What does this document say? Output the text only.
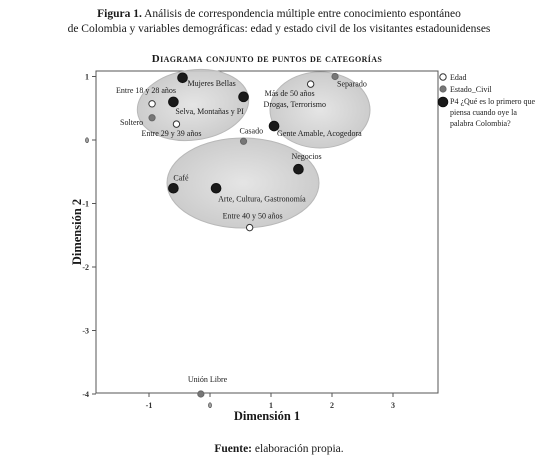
Figura 1. Análisis de correspondencia múltiple entre conocimiento espontáneo
de Colombia y variables demográficas: edad y estado civil de los visitantes estadounidenses
Diagrama conjunto de puntos de categorías
-1	0	1	2	3
1
0
-1
-2
-3
-4
Entre 18 y 28 años
Entre 29 y 39 años
Más de 50 años
Entre 40 y 50 años
Soltero
Separado
Casado
Unión Libre
Mujeres Bellas
Selva, Montañas y PI
Drogas, Terrorismo
Gente Amable, Acogedora
Negocios
Café
Arte, Cultura, Gastronomía
Dimensión 1
Dimensión 2
Edad
Estado_Civil
P4 ¿Qué es lo primero que piensa cuando oye la palabra Colombia?
Fuente: elaboración propia.
